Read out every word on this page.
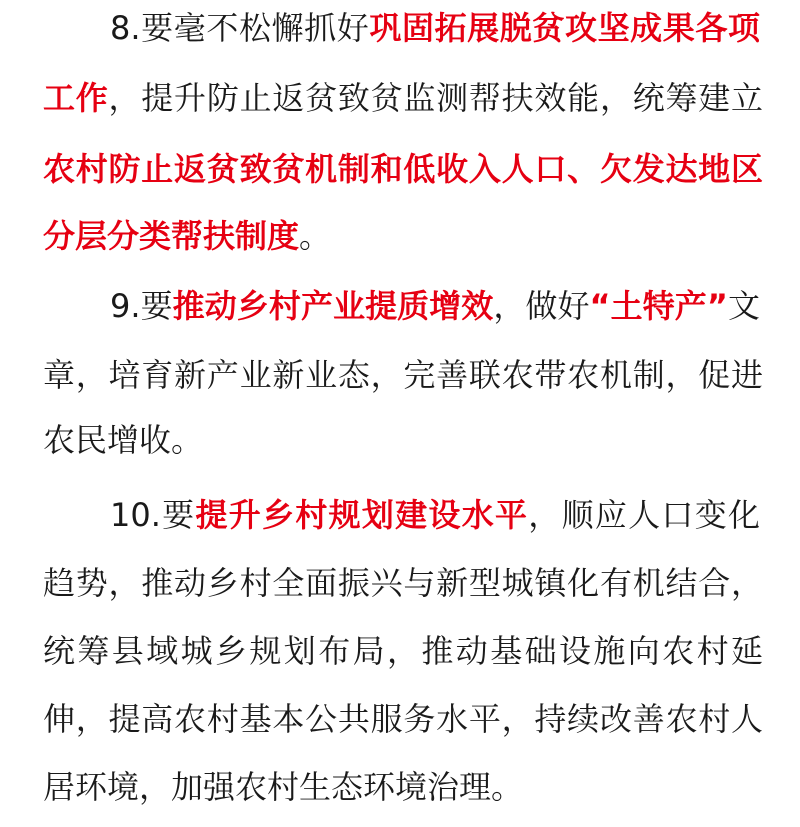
8.要毫不松懈抓好巩固拓展脱贫攻坚成果各项
工作，提升防止返贫致贫监测帮扶效能，统筹建立
农村防止返贫致贫机制和低收入人口、欠发达地区
分层分类帮扶制度。
9.要推动乡村产业提质增效，做好“土特产”文
章，培育新产业新业态，完善联农带农机制，促进
农民增收。
10.要提升乡村规划建设水平，顺应人口变化
趋势，推动乡村全面振兴与新型城镇化有机结合，
统筹县域城乡规划布局，推动基础设施向农村延
伸，提高农村基本公共服务水平，持续改善农村人
居环境，加强农村生态环境治理。
